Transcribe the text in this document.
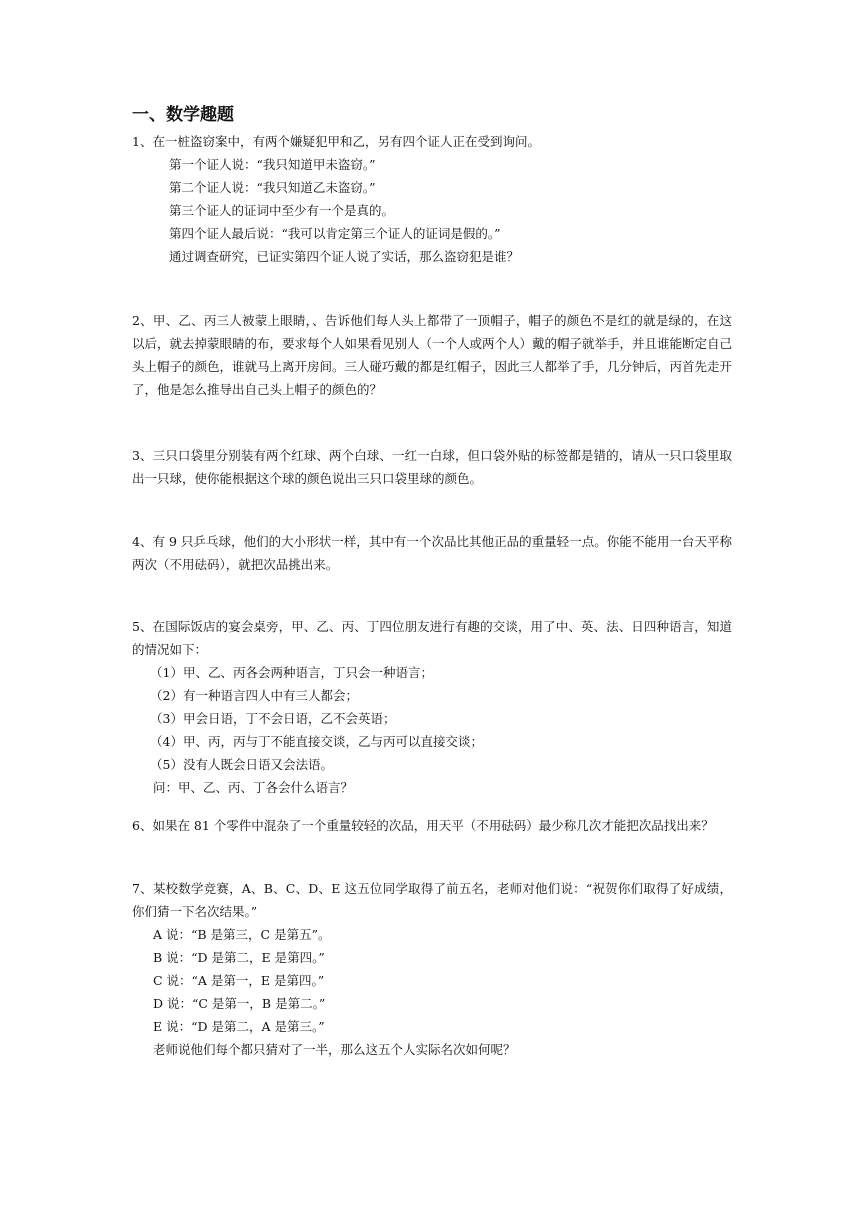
一、数学趣题

1、在一桩盗窃案中，有两个嫌疑犯甲和乙，另有四个证人正在受到询问。

第一个证人说：“我只知道甲未盗窃。”

第二个证人说：“我只知道乙未盗窃。”

第三个证人的证词中至少有一个是真的。

第四个证人最后说：“我可以肯定第三个证人的证词是假的。”

通过调查研究，已证实第四个证人说了实话，那么盗窃犯是谁？

2、甲、乙、丙三人被蒙上眼睛，、告诉他们每人头上都带了一顶帽子，帽子的颜色不是红的就是绿的，在这以后，就去掉蒙眼睛的布，要求每个人如果看见别人（一个人或两个人）戴的帽子就举手，并且谁能断定自己头上帽子的颜色，谁就马上离开房间。三人碰巧戴的都是红帽子，因此三人都举了手，几分钟后，丙首先走开了，他是怎么推导出自己头上帽子的颜色的？

3、三只口袋里分别装有两个红球、两个白球、一红一白球，但口袋外贴的标签都是错的，请从一只口袋里取出一只球，使你能根据这个球的颜色说出三只口袋里球的颜色。

4、有 9 只乒乓球，他们的大小形状一样，其中有一个次品比其他正品的重量轻一点。你能不能用一台天平称两次（不用砝码），就把次品挑出来。

5、在国际饭店的宴会桌旁，甲、乙、丙、丁四位朋友进行有趣的交谈，用了中、英、法、日四种语言，知道的情况如下：

（1）甲、乙、丙各会两种语言，丁只会一种语言；

（2）有一种语言四人中有三人都会；

（3）甲会日语，丁不会日语，乙不会英语；

（4）甲、丙，丙与丁不能直接交谈，乙与丙可以直接交谈；

（5）没有人既会日语又会法语。

问：甲、乙、丙、丁各会什么语言？

6、如果在 81 个零件中混杂了一个重量较轻的次品，用天平（不用砝码）最少称几次才能把次品找出来？

7、某校数学竞赛，A、B、C、D、E 这五位同学取得了前五名，老师对他们说：“祝贺你们取得了好成绩，你们猜一下名次结果。”

A 说：“B 是第三，C 是第五”。

B 说：“D 是第二，E 是第四。”

C 说：“A 是第一，E 是第四。”

D 说：“C 是第一，B 是第二。”

E 说：“D 是第二，A 是第三。”

老师说他们每个都只猜对了一半，那么这五个人实际名次如何呢？
